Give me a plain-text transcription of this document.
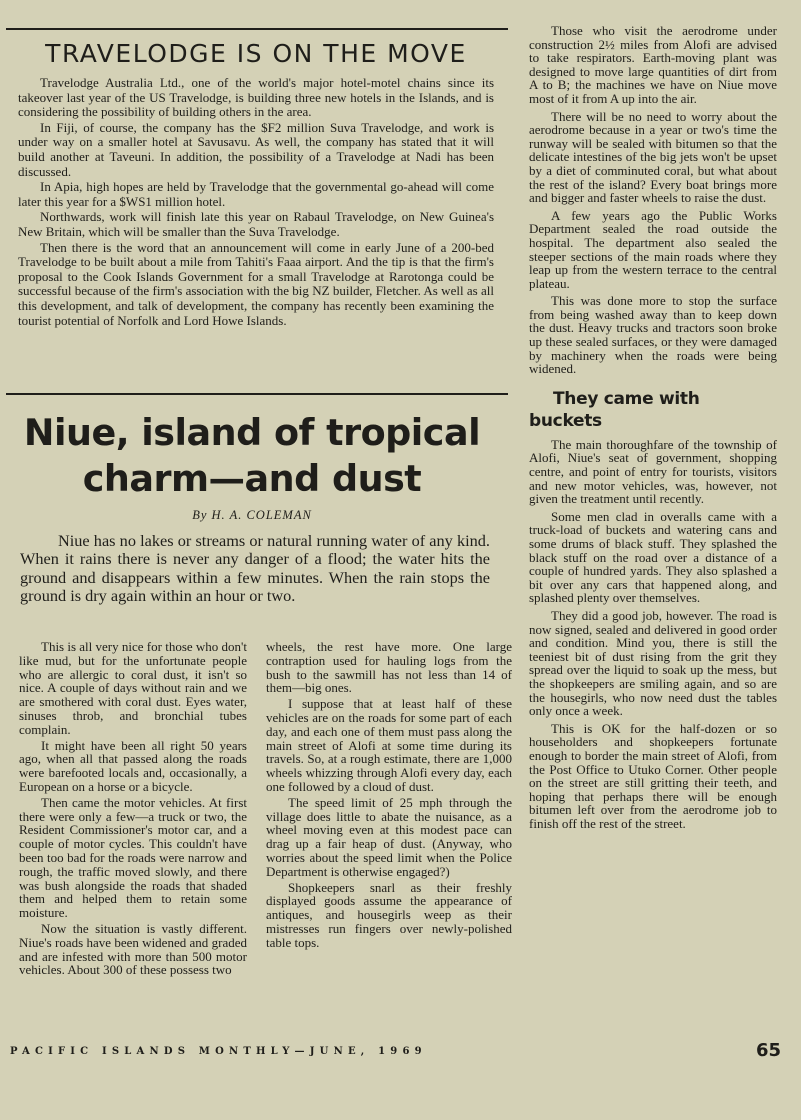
TRAVELODGE IS ON THE MOVE

Travelodge Australia Ltd., one of the world's major hotel-motel chains since its takeover last year of the US Travelodge, is building three new hotels in the Islands, and is considering the possibility of building others in the area.

In Fiji, of course, the company has the $F2 million Suva Travelodge, and work is under way on a smaller hotel at Savusavu. As well, the company has stated that it will build another at Taveuni. In addition, the possibility of a Travelodge at Nadi has been discussed.

In Apia, high hopes are held by Travelodge that the governmental go-ahead will come later this year for a $WS1 million hotel.

Northwards, work will finish late this year on Rabaul Travelodge, on New Guinea's New Britain, which will be smaller than the Suva Travelodge.

Then there is the word that an announcement will come in early June of a 200-bed Travelodge to be built about a mile from Tahiti's Faaa airport. And the tip is that the firm's proposal to the Cook Islands Government for a small Travelodge at Rarotonga could be successful because of the firm's association with the big NZ builder, Fletcher. As well as all this development, and talk of development, the company has recently been examining the tourist potential of Norfolk and Lord Howe Islands.

Niue, island of tropical
charm—and dust
By H. A. COLEMAN

Niue has no lakes or streams or natural running water of any kind. When it rains there is never any danger of a flood; the water hits the ground and disappears within a few minutes. When the rain stops the ground is dry again within an hour or two.

This is all very nice for those who don't like mud, but for the unfortunate people who are allergic to coral dust, it isn't so nice. A couple of days without rain and we are smothered with coral dust. Eyes water, sinuses throb, and bronchial tubes complain.

It might have been all right 50 years ago, when all that passed along the roads were barefooted locals and, occasionally, a European on a horse or a bicycle.

Then came the motor vehicles. At first there were only a few—a truck or two, the Resident Commissioner's motor car, and a couple of motor cycles. This couldn't have been too bad for the roads were narrow and rough, the traffic moved slowly, and there was bush alongside the roads that shaded them and helped them to retain some moisture.

Now the situation is vastly different. Niue's roads have been widened and graded and are infested with more than 500 motor vehicles. About 300 of these possess two

wheels, the rest have more. One large contraption used for hauling logs from the bush to the sawmill has not less than 14 of them—big ones.

I suppose that at least half of these vehicles are on the roads for some part of each day, and each one of them must pass along the main street of Alofi at some time during its travels. So, at a rough estimate, there are 1,000 wheels whizzing through Alofi every day, each one followed by a cloud of dust.

The speed limit of 25 mph through the village does little to abate the nuisance, as a wheel moving even at this modest pace can drag up a fair heap of dust. (Anyway, who worries about the speed limit when the Police Department is otherwise engaged?)

Shopkeepers snarl as their freshly displayed goods assume the appearance of antiques, and housegirls weep as their mistresses run fingers over newly-polished table tops.

Those who visit the aerodrome under construction 2½ miles from Alofi are advised to take respirators. Earth-moving plant was designed to move large quantities of dirt from A to B; the machines we have on Niue move most of it from A up into the air.

There will be no need to worry about the aerodrome because in a year or two's time the runway will be sealed with bitumen so that the delicate intestines of the big jets won't be upset by a diet of comminuted coral, but what about the rest of the island? Every boat brings more and bigger and faster wheels to raise the dust.

A few years ago the Public Works Department sealed the road outside the hospital. The department also sealed the steeper sections of the main roads where they leap up from the western terrace to the central plateau.

This was done more to stop the surface from being washed away than to keep down the dust. Heavy trucks and tractors soon broke up these sealed surfaces, or they were damaged by machinery when the roads were being widened.

They came with buckets

The main thoroughfare of the township of Alofi, Niue's seat of government, shopping centre, and point of entry for tourists, visitors and new motor vehicles, was, however, not given the treatment until recently.

Some men clad in overalls came with a truck-load of buckets and watering cans and some drums of black stuff. They splashed the black stuff on the road over a distance of a couple of hundred yards. They also splashed a bit over any cars that happened along, and splashed plenty over themselves.

They did a good job, however. The road is now signed, sealed and delivered in good order and condition. Mind you, there is still the teeniest bit of dust rising from the grit they spread over the liquid to soak up the mess, but the shopkeepers are smiling again, and so are the housegirls, who now need dust the tables only once a week.

This is OK for the half-dozen or so householders and shopkeepers fortunate enough to border the main street of Alofi, from the Post Office to Utuko Corner. Other people on the street are still gritting their teeth, and hoping that perhaps there will be enough bitumen left over from the aerodrome job to finish off the rest of the street.

PACIFIC ISLANDS MONTHLY—JUNE, 1969	65
